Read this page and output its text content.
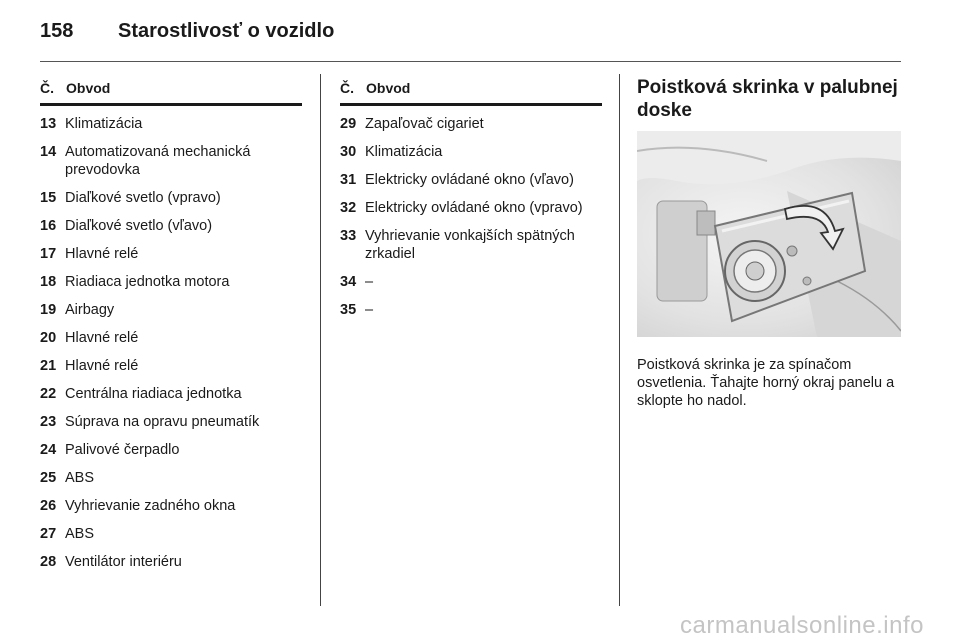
158 Starostlivosť o vozidlo
Č. Obvod
13 Klimatizácia
14 Automatizovaná mechanická prevodovka
15 Diaľkové svetlo (vpravo)
16 Diaľkové svetlo (vľavo)
17 Hlavné relé
18 Riadiaca jednotka motora
19 Airbagy
20 Hlavné relé
21 Hlavné relé
22 Centrálna riadiaca jednotka
23 Súprava na opravu pneumatík
24 Palivové čerpadlo
25 ABS
26 Vyhrievanie zadného okna
27 ABS
28 Ventilátor interiéru
Č. Obvod
29 Zapaľovač cigariet
30 Klimatizácia
31 Elektricky ovládané okno (vľavo)
32 Elektricky ovládané okno (vpravo)
33 Vyhrievanie vonkajších spätných zrkadiel
34 –
35 –
Poistková skrinka v palubnej doske
Poistková skrinka je za spínačom osvetlenia. Ťahajte horný okraj panelu a sklopte ho nadol.
carmanualsonline.info
